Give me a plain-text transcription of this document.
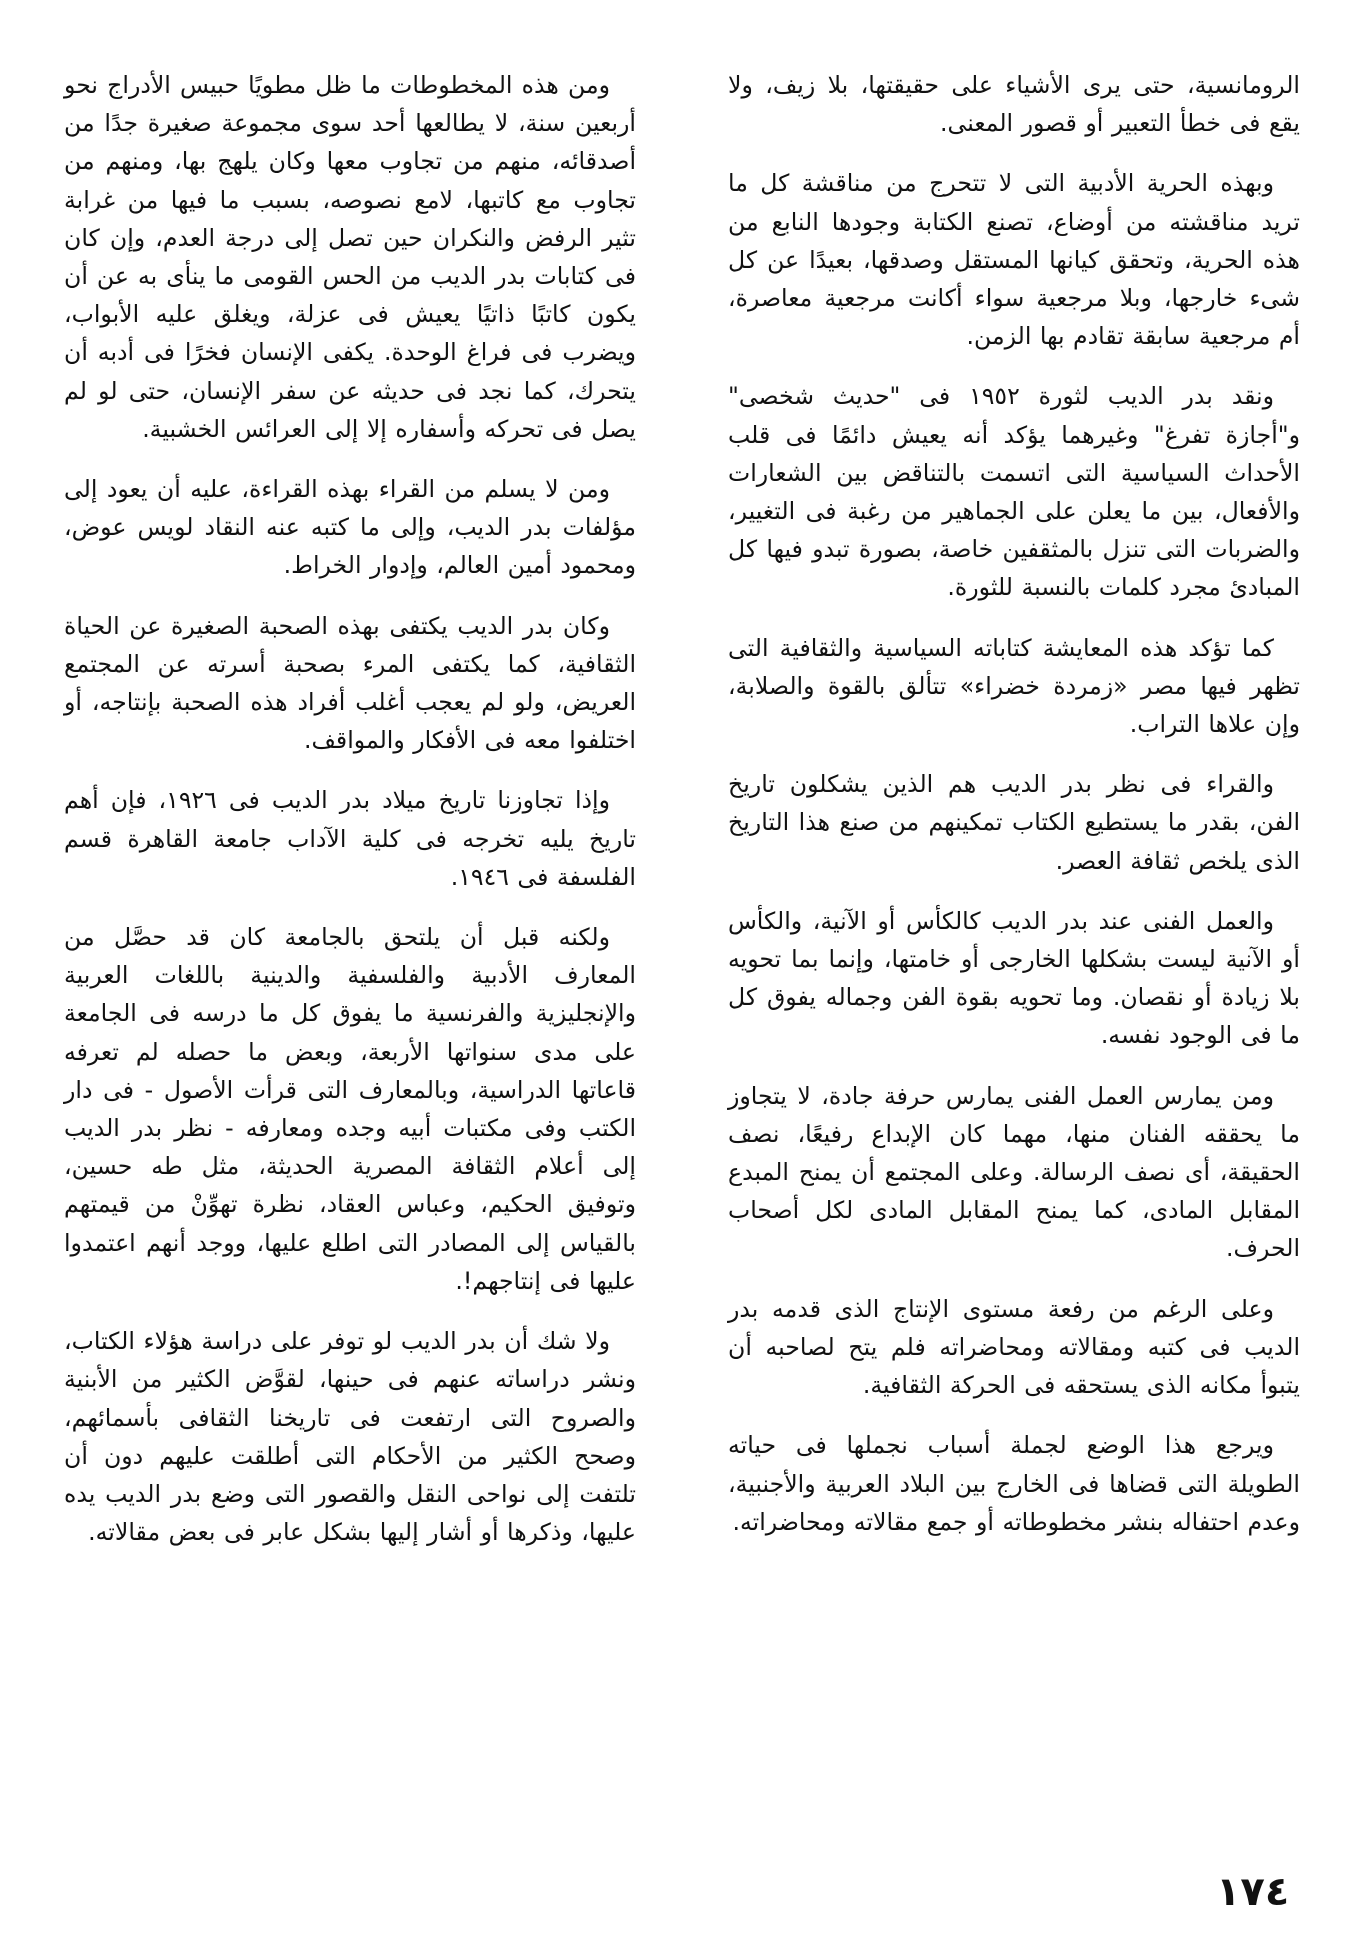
الرومانسية، حتى يرى الأشياء على حقيقتها، بلا زيف، ولا يقع فى خطأ التعبير أو قصور المعنى.

وبهذه الحرية الأدبية التى لا تتحرج من مناقشة كل ما تريد مناقشته من أوضاع، تصنع الكتابة وجودها النابع من هذه الحرية، وتحقق كيانها المستقل وصدقها، بعيدًا عن كل شىء خارجها، وبلا مرجعية سواء أكانت مرجعية معاصرة، أم مرجعية سابقة تقادم بها الزمن.

ونقد بدر الديب لثورة ١٩٥٢ فى "حديث شخصى" و"أجازة تفرغ" وغيرهما يؤكد أنه يعيش دائمًا فى قلب الأحداث السياسية التى اتسمت بالتناقض بين الشعارات والأفعال، بين ما يعلن على الجماهير من رغبة فى التغيير، والضربات التى تنزل بالمثقفين خاصة، بصورة تبدو فيها كل المبادئ مجرد كلمات بالنسبة للثورة.

كما تؤكد هذه المعايشة كتاباته السياسية والثقافية التى تظهر فيها مصر «زمردة خضراء» تتألق بالقوة والصلابة، وإن علاها التراب.

والقراء فى نظر بدر الديب هم الذين يشكلون تاريخ الفن، بقدر ما يستطيع الكتاب تمكينهم من صنع هذا التاريخ الذى يلخص ثقافة العصر.

والعمل الفنى عند بدر الديب كالكأس أو الآنية، والكأس أو الآنية ليست بشكلها الخارجى أو خامتها، وإنما بما تحويه بلا زيادة أو نقصان. وما تحويه بقوة الفن وجماله يفوق كل ما فى الوجود نفسه.

ومن يمارس العمل الفنى يمارس حرفة جادة، لا يتجاوز ما يحققه الفنان منها، مهما كان الإبداع رفيعًا، نصف الحقيقة، أى نصف الرسالة. وعلى المجتمع أن يمنح المبدع المقابل المادى، كما يمنح المقابل المادى لكل أصحاب الحرف.

وعلى الرغم من رفعة مستوى الإنتاج الذى قدمه بدر الديب فى كتبه ومقالاته ومحاضراته فلم يتح لصاحبه أن يتبوأ مكانه الذى يستحقه فى الحركة الثقافية.

ويرجع هذا الوضع لجملة أسباب نجملها فى حياته الطويلة التى قضاها فى الخارج بين البلاد العربية والأجنبية، وعدم احتفاله بنشر مخطوطاته أو جمع مقالاته ومحاضراته.

ومن هذه المخطوطات ما ظل مطويًا حبيس الأدراج نحو أربعين سنة، لا يطالعها أحد سوى مجموعة صغيرة جدًا من أصدقائه، منهم من تجاوب معها وكان يلهج بها، ومنهم من تجاوب مع كاتبها، لامع نصوصه، بسبب ما فيها من غرابة تثير الرفض والنكران حين تصل إلى درجة العدم، وإن كان فى كتابات بدر الديب من الحس القومى ما ينأى به عن أن يكون كاتبًا ذاتيًا يعيش فى عزلة، ويغلق عليه الأبواب، ويضرب فى فراغ الوحدة. يكفى الإنسان فخرًا فى أدبه أن يتحرك، كما نجد فى حديثه عن سفر الإنسان، حتى لو لم يصل فى تحركه وأسفاره إلا إلى العرائس الخشبية.

ومن لا يسلم من القراء بهذه القراءة، عليه أن يعود إلى مؤلفات بدر الديب، وإلى ما كتبه عنه النقاد لويس عوض، ومحمود أمين العالم، وإدوار الخراط.

وكان بدر الديب يكتفى بهذه الصحبة الصغيرة عن الحياة الثقافية، كما يكتفى المرء بصحبة أسرته عن المجتمع العريض، ولو لم يعجب أغلب أفراد هذه الصحبة بإنتاجه، أو اختلفوا معه فى الأفكار والمواقف.

وإذا تجاوزنا تاريخ ميلاد بدر الديب فى ١٩٢٦، فإن أهم تاريخ يليه تخرجه فى كلية الآداب جامعة القاهرة قسم الفلسفة فى ١٩٤٦.

ولكنه قبل أن يلتحق بالجامعة كان قد حصَّل من المعارف الأدبية والفلسفية والدينية باللغات العربية والإنجليزية والفرنسية ما يفوق كل ما درسه فى الجامعة على مدى سنواتها الأربعة، وبعض ما حصله لم تعرفه قاعاتها الدراسية، وبالمعارف التى قرأت الأصول - فى دار الكتب وفى مكتبات أبيه وجده ومعارفه - نظر بدر الديب إلى أعلام الثقافة المصرية الحديثة، مثل طه حسين، وتوفيق الحكيم، وعباس العقاد، نظرة تهوِّنْ من قيمتهم بالقياس إلى المصادر التى اطلع عليها، ووجد أنهم اعتمدوا عليها فى إنتاجهم!.

ولا شك أن بدر الديب لو توفر على دراسة هؤلاء الكتاب، ونشر دراساته عنهم فى حينها، لقوَّض الكثير من الأبنية والصروح التى ارتفعت فى تاريخنا الثقافى بأسمائهم، وصحح الكثير من الأحكام التى أطلقت عليهم دون أن تلتفت إلى نواحى النقل والقصور التى وضع بدر الديب يده عليها، وذكرها أو أشار إليها بشكل عابر فى بعض مقالاته.

١٧٤
